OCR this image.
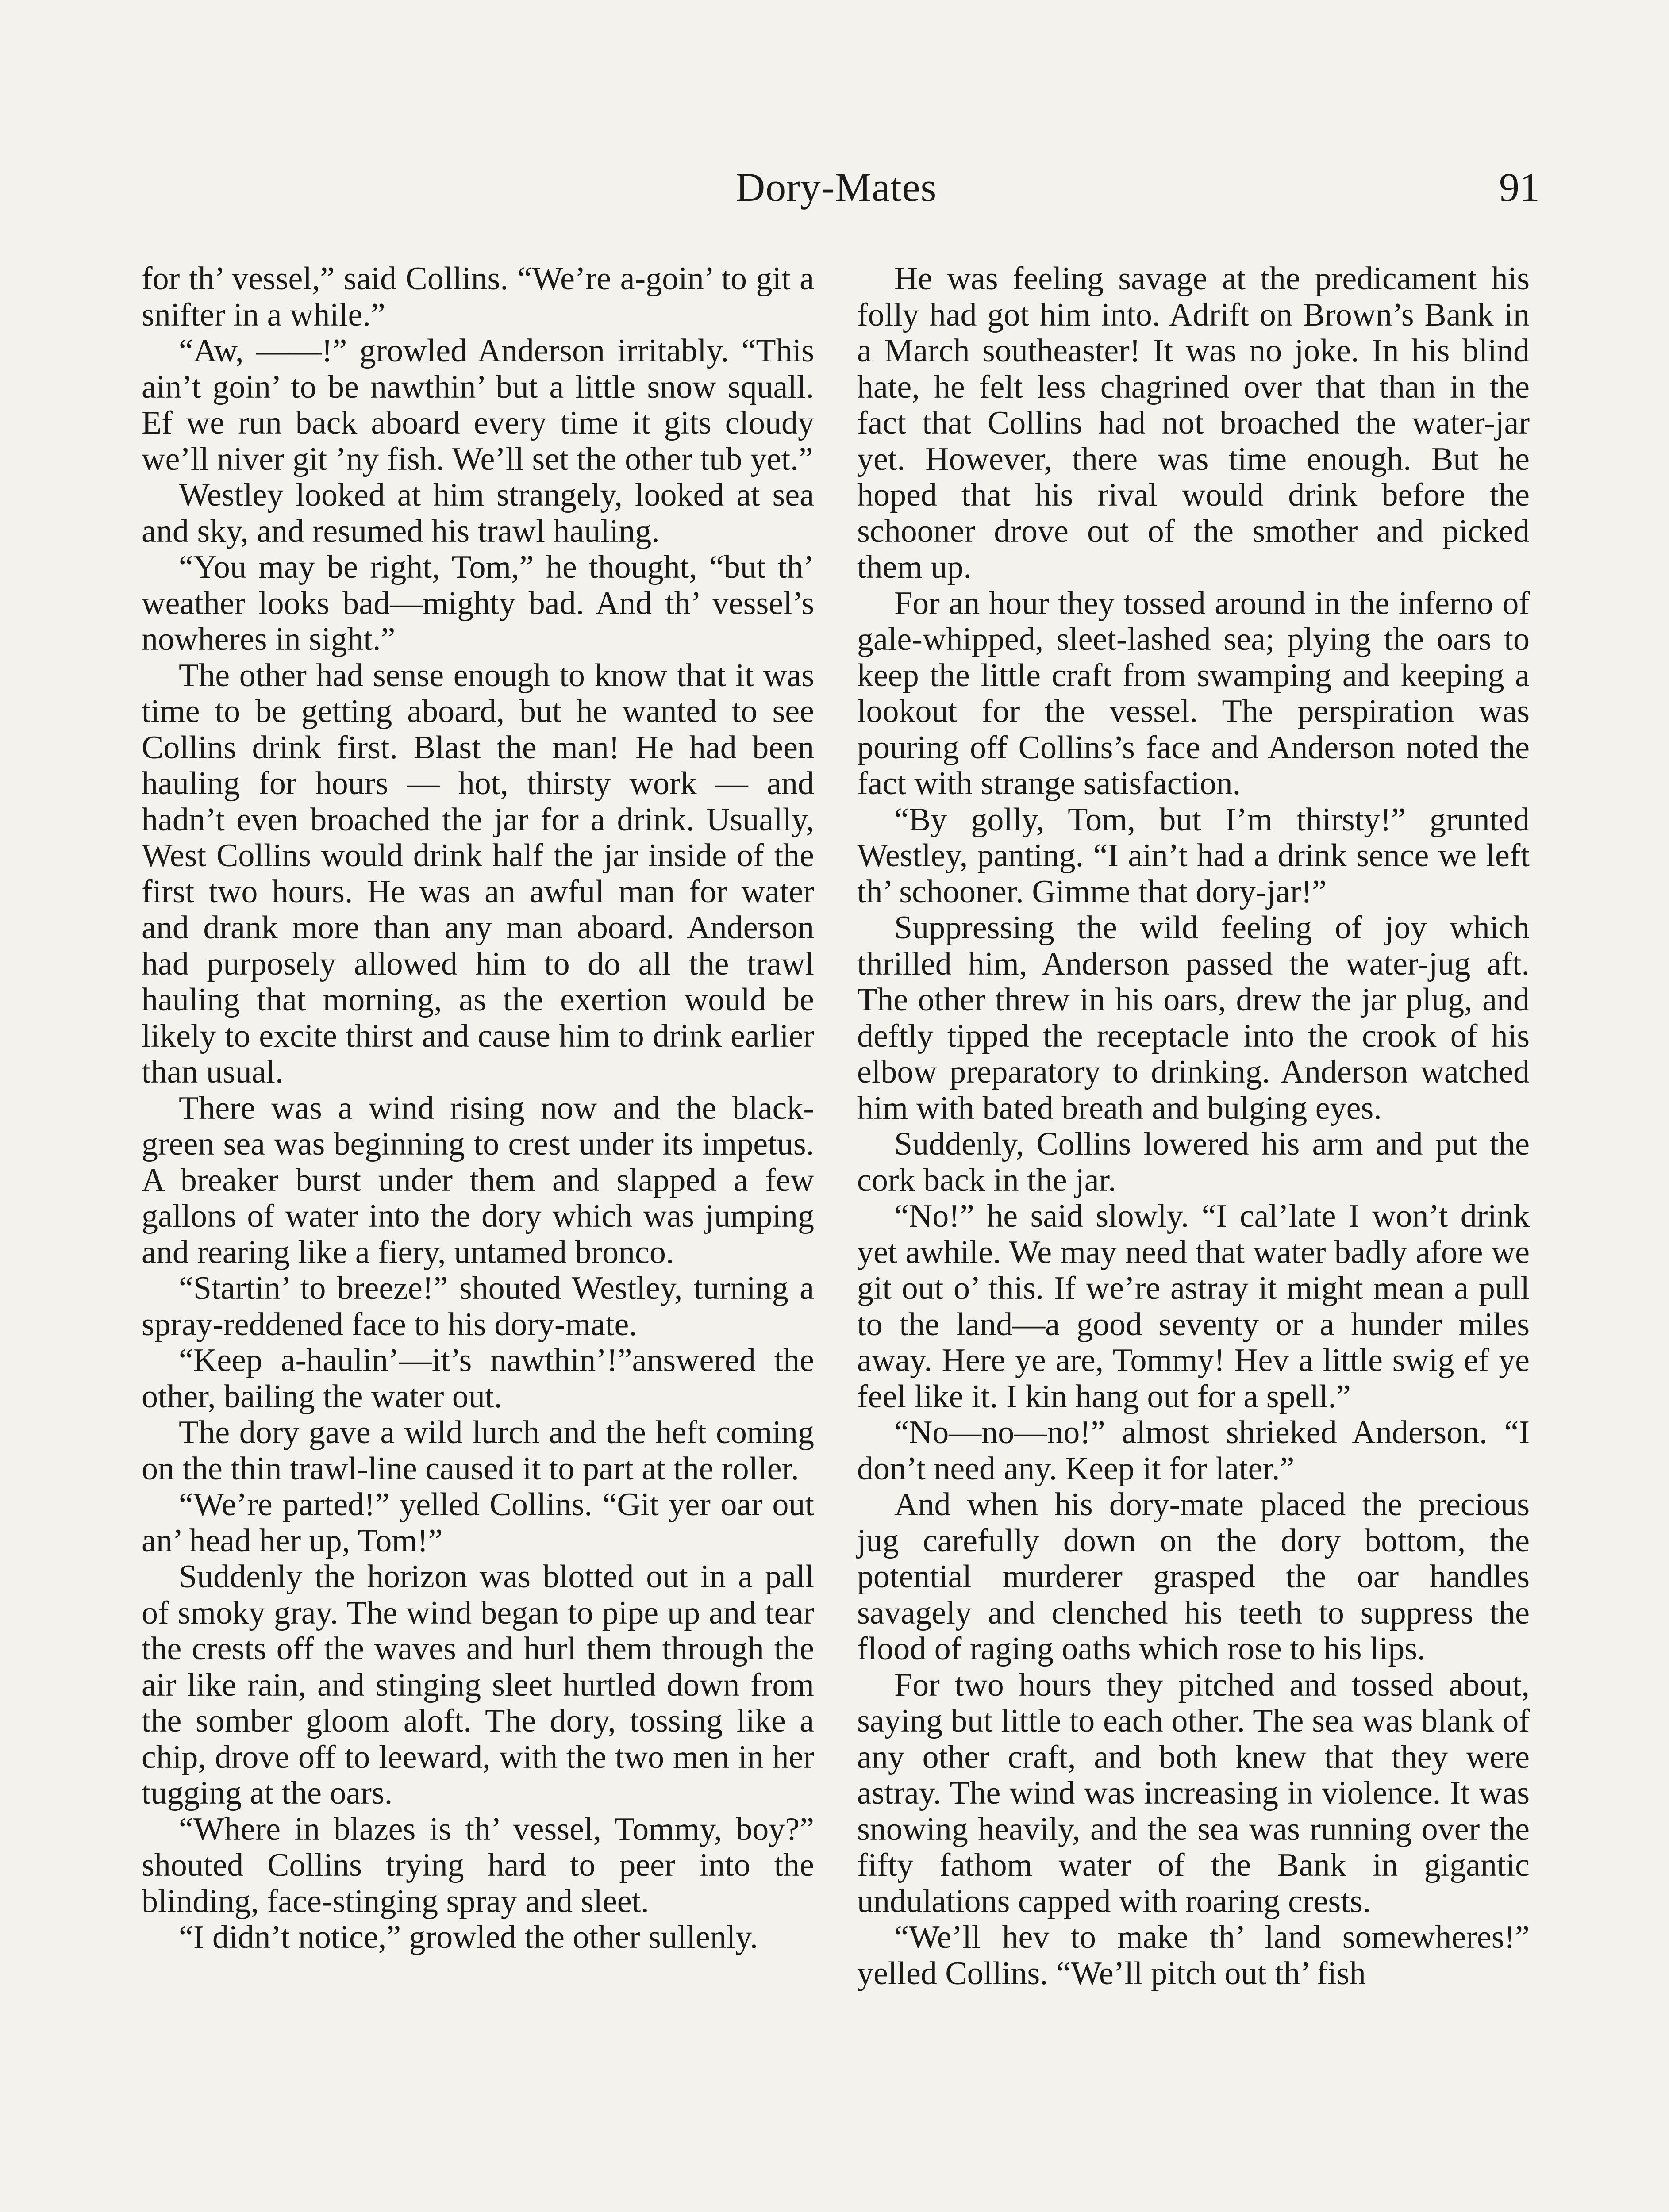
Dory-Mates	91

for th’ vessel,” said Collins. “We’re a-goin’ to git a snifter in a while.”

“Aw, ——!” growled Anderson irritably. “This ain’t goin’ to be nawthin’ but a little snow squall. Ef we run back aboard every time it gits cloudy we’ll niver git ’ny fish. We’ll set the other tub yet.”

Westley looked at him strangely, looked at sea and sky, and resumed his trawl hauling.

“You may be right, Tom,” he thought, “but th’ weather looks bad—mighty bad. And th’ vessel’s nowheres in sight.”

The other had sense enough to know that it was time to be getting aboard, but he wanted to see Collins drink first. Blast the man! He had been hauling for hours — hot, thirsty work — and hadn’t even broached the jar for a drink. Usually, West Collins would drink half the jar inside of the first two hours. He was an awful man for water and drank more than any man aboard. Anderson had purposely allowed him to do all the trawl hauling that morning, as the exertion would be likely to excite thirst and cause him to drink earlier than usual.

There was a wind rising now and the black-green sea was beginning to crest under its impetus. A breaker burst under them and slapped a few gallons of water into the dory which was jumping and rearing like a fiery, untamed bronco.

“Startin’ to breeze!” shouted Westley, turning a spray-reddened face to his dory-mate.

“Keep a-haulin’—it’s nawthin’!”answered the other, bailing the water out.

The dory gave a wild lurch and the heft coming on the thin trawl-line caused it to part at the roller.

“We’re parted!” yelled Collins. “Git yer oar out an’ head her up, Tom!”

Suddenly the horizon was blotted out in a pall of smoky gray. The wind began to pipe up and tear the crests off the waves and hurl them through the air like rain, and stinging sleet hurtled down from the somber gloom aloft. The dory, tossing like a chip, drove off to leeward, with the two men in her tugging at the oars.

“Where in blazes is th’ vessel, Tommy, boy?” shouted Collins trying hard to peer into the blinding, face-stinging spray and sleet.

“I didn’t notice,” growled the other sullenly.

He was feeling savage at the predicament his folly had got him into. Adrift on Brown’s Bank in a March southeaster! It was no joke. In his blind hate, he felt less chagrined over that than in the fact that Collins had not broached the water-jar yet. However, there was time enough. But he hoped that his rival would drink before the schooner drove out of the smother and picked them up.

For an hour they tossed around in the inferno of gale-whipped, sleet-lashed sea; plying the oars to keep the little craft from swamping and keeping a lookout for the vessel. The perspiration was pouring off Collins’s face and Anderson noted the fact with strange satisfaction.

“By golly, Tom, but I’m thirsty!” grunted Westley, panting. “I ain’t had a drink sence we left th’ schooner. Gimme that dory-jar!”

Suppressing the wild feeling of joy which thrilled him, Anderson passed the water-jug aft. The other threw in his oars, drew the jar plug, and deftly tipped the receptacle into the crook of his elbow preparatory to drinking. Anderson watched him with bated breath and bulging eyes.

Suddenly, Collins lowered his arm and put the cork back in the jar.

“No!” he said slowly. “I cal’late I won’t drink yet awhile. We may need that water badly afore we git out o’ this. If we’re astray it might mean a pull to the land—a good seventy or a hunder miles away. Here ye are, Tommy! Hev a little swig ef ye feel like it. I kin hang out for a spell.”

“No—no—no!” almost shrieked Anderson. “I don’t need any. Keep it for later.”

And when his dory-mate placed the precious jug carefully down on the dory bottom, the potential murderer grasped the oar handles savagely and clenched his teeth to suppress the flood of raging oaths which rose to his lips.

For two hours they pitched and tossed about, saying but little to each other. The sea was blank of any other craft, and both knew that they were astray. The wind was increasing in violence. It was snowing heavily, and the sea was running over the fifty fathom water of the Bank in gigantic undulations capped with roaring crests.

“We’ll hev to make th’ land somewheres!” yelled Collins. “We’ll pitch out th’ fish
